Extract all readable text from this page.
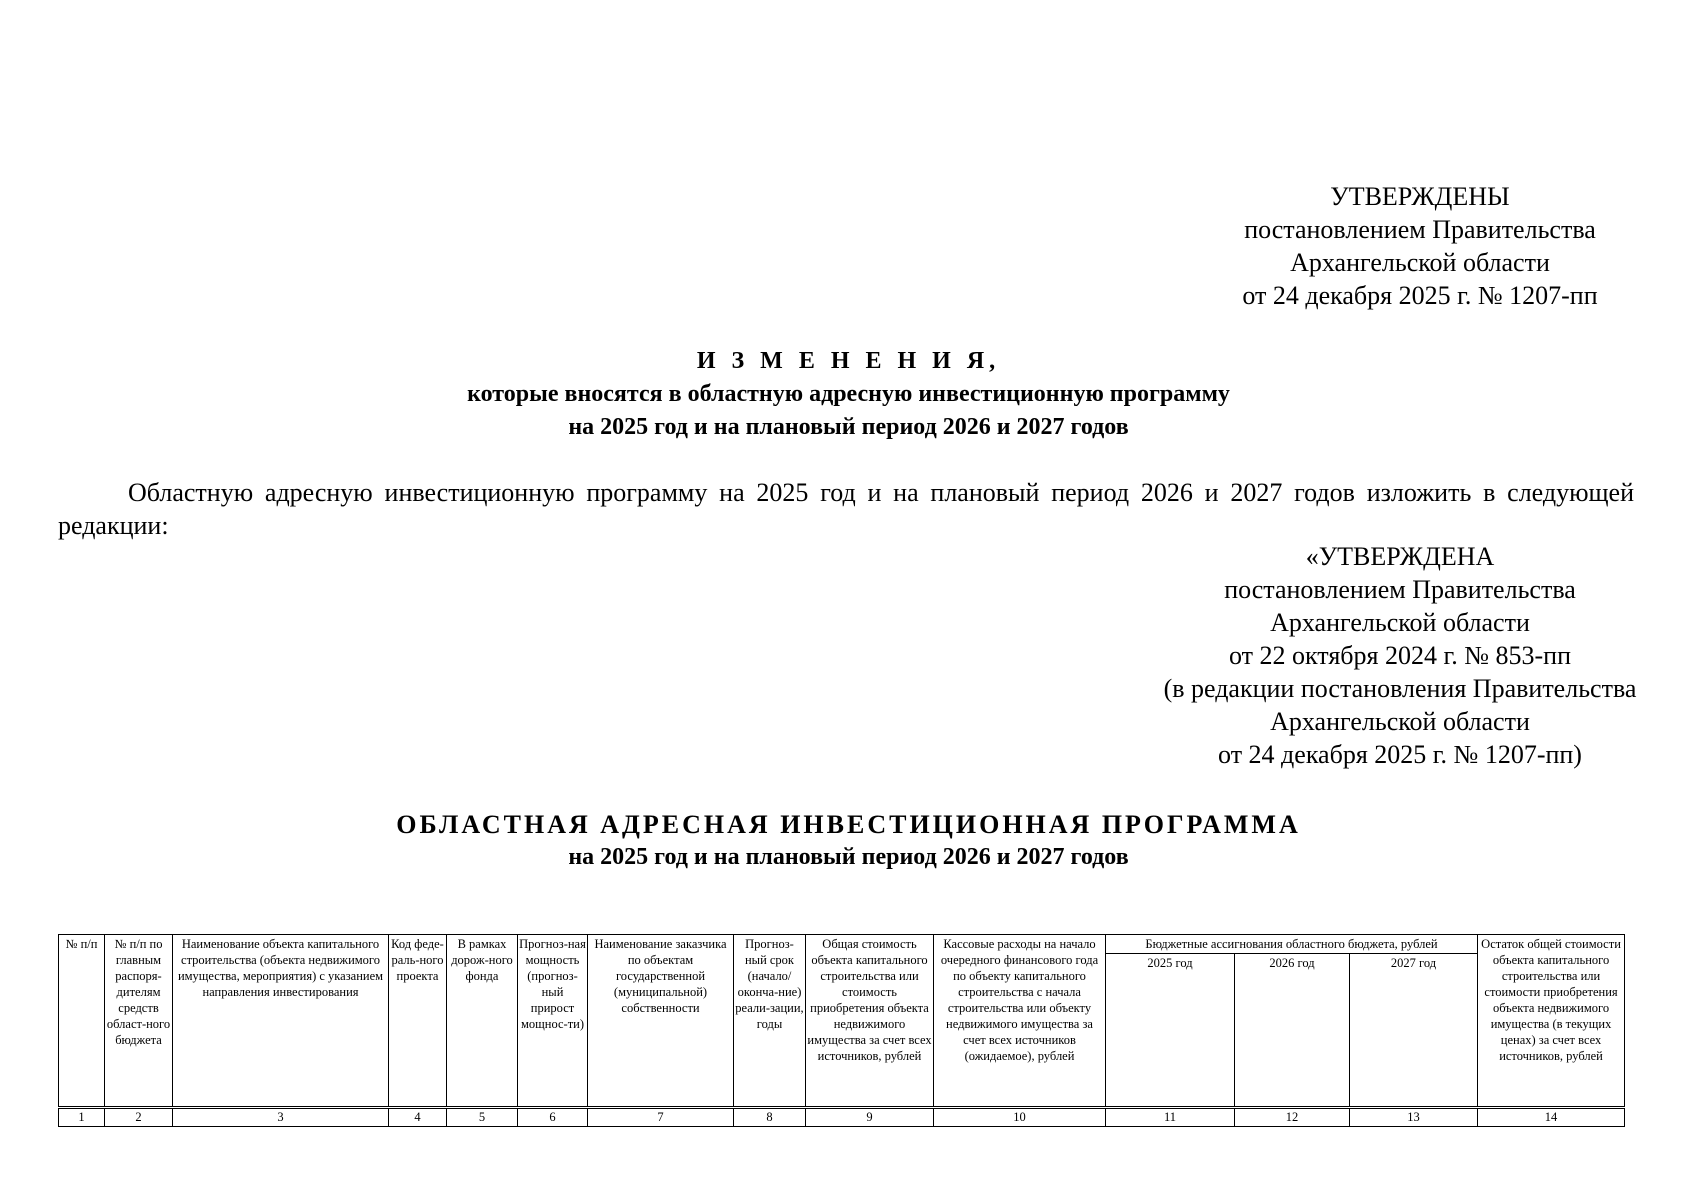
УТВЕРЖДЕНЫ
постановлением Правительства
Архангельской области
от 24 декабря 2025 г. № 1207-пп
И З М Е Н Е Н И Я,
которые вносятся в областную адресную инвестиционную программу
на 2025 год и на плановый период 2026 и 2027 годов
Областную адресную инвестиционную программу на 2025 год и на плановый период 2026 и 2027 годов изложить в следующей редакции:
«УТВЕРЖДЕНА
постановлением Правительства
Архангельской области
от 22 октября 2024 г. № 853-пп
(в редакции постановления Правительства
Архангельской области
от 24 декабря 2025 г. № 1207-пп)
ОБЛАСТНАЯ АДРЕСНАЯ ИНВЕСТИЦИОННАЯ ПРОГРАММА
на 2025 год и на плановый период 2026 и 2027 годов
№ п/п	№ п/п по главным распоря-дителям средств област-ного бюджета	Наименование объекта капитального строительства (объекта недвижимого имущества, мероприятия) с указанием направления инвестирования	Код феде-раль-ного проекта	В рамках дорож-ного фонда	Прогноз-ная мощность (прогноз-ный прирост мощнос-ти)	Наименование заказчика по объектам государственной (муниципальной) собственности	Прогноз-ный срок (начало/ оконча-ние) реали-зации, годы	Общая стоимость объекта капитального строительства или стоимость приобретения объекта недвижимого имущества за счет всех источников, рублей	Кассовые расходы на начало очередного финансового года по объекту капитального строительства с начала строительства или объекту недвижимого имущества за счет всех источников (ожидаемое), рублей	Бюджетные ассигнования областного бюджета, рублей			Остаток общей стоимости объекта капитального строительства или стоимости приобретения объекта недвижимого имущества (в текущих ценах) за счет всех источников, рублей
										2025 год	2026 год	2027 год	
1	2	3	4	5	6	7	8	9	10	11	12	13	14
